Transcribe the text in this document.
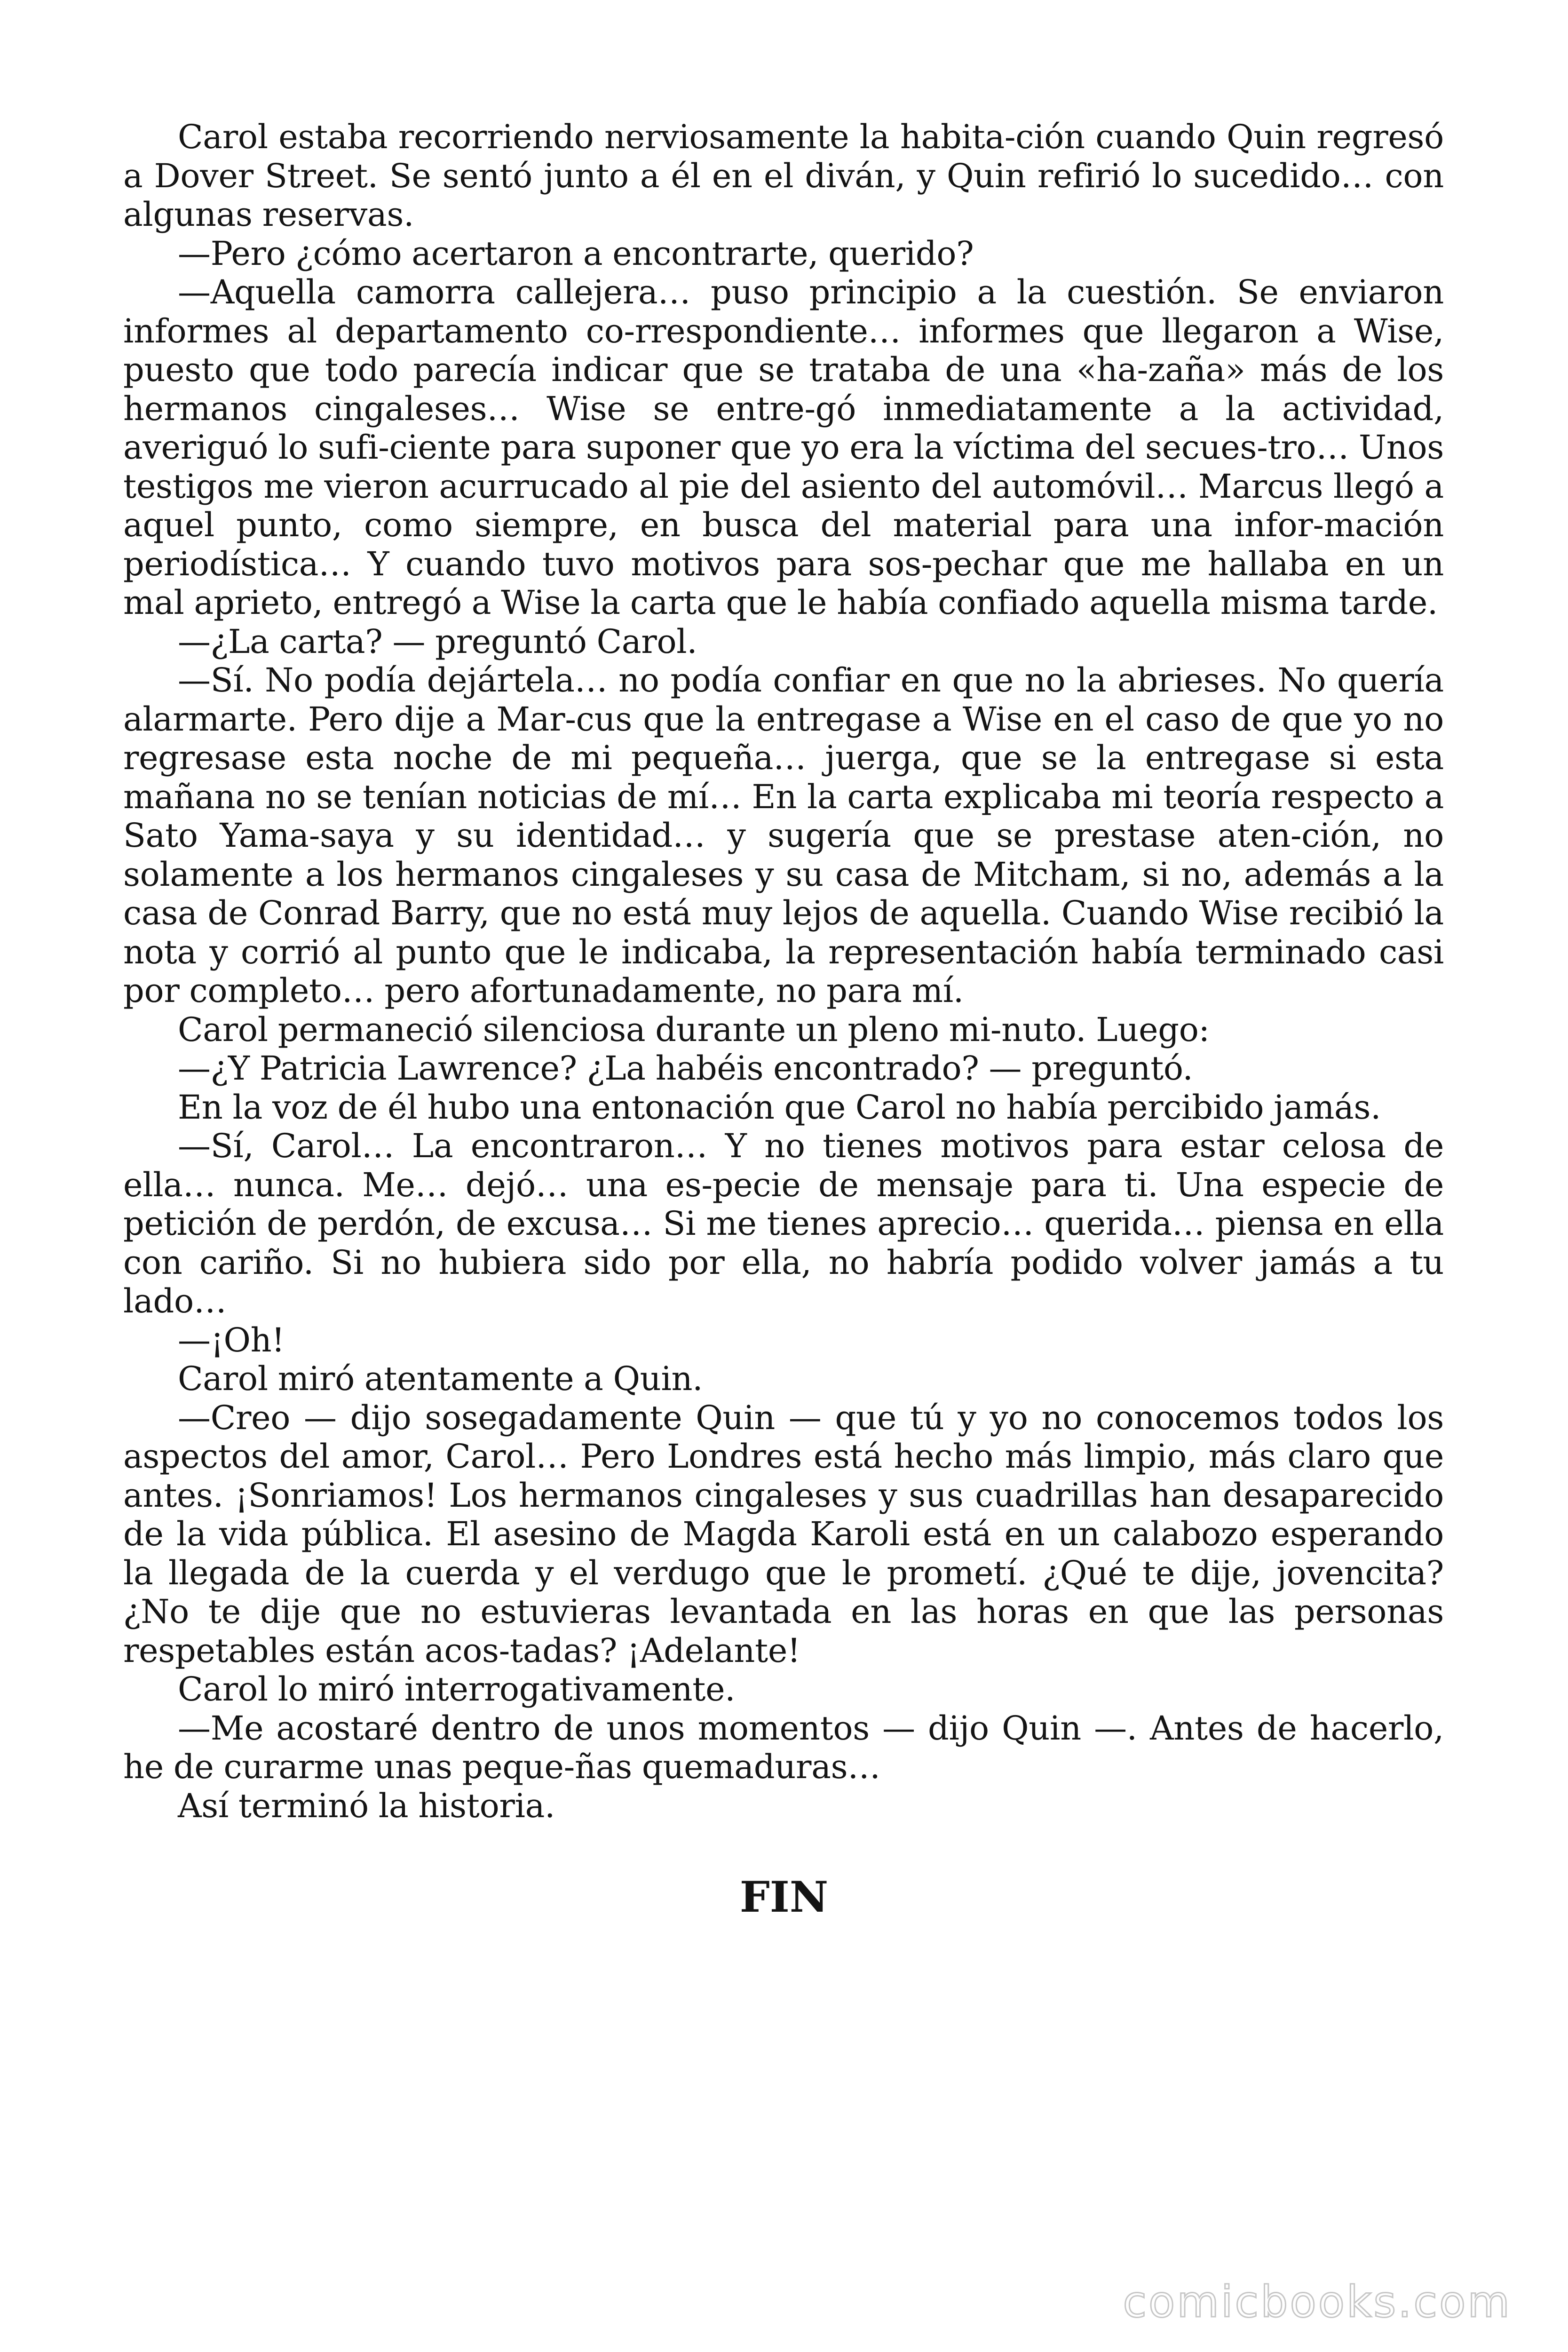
Carol estaba recorriendo nerviosamente la habita-ción cuando Quin regresó a Dover Street. Se sentó junto a él en el diván, y Quin refirió lo sucedido… con algunas reservas.

—Pero ¿cómo acertaron a encontrarte, querido?

—Aquella camorra callejera… puso principio a la cuestión. Se enviaron informes al departamento co-rrespondiente… informes que llegaron a Wise, puesto que todo parecía indicar que se trataba de una «ha-zaña» más de los hermanos cingaleses… Wise se entre-gó inmediatamente a la actividad, averiguó lo sufi-ciente para suponer que yo era la víctima del secues-tro… Unos testigos me vieron acurrucado al pie del asiento del automóvil… Marcus llegó a aquel punto, como siempre, en busca del material para una infor-mación periodística… Y cuando tuvo motivos para sos-pechar que me hallaba en un mal aprieto, entregó a Wise la carta que le había confiado aquella misma tarde.

—¿La carta? — preguntó Carol.

—Sí. No podía dejártela… no podía confiar en que no la abrieses. No quería alarmarte. Pero dije a Mar-cus que la entregase a Wise en el caso de que yo no regresase esta noche de mi pequeña… juerga, que se la entregase si esta mañana no se tenían noticias de mí… En la carta explicaba mi teoría respecto a Sato Yama-saya y su identidad… y sugería que se prestase aten-ción, no solamente a los hermanos cingaleses y su casa de Mitcham, si no, además a la casa de Conrad Barry, que no está muy lejos de aquella. Cuando Wise recibió la nota y corrió al punto que le indicaba, la representación había terminado casi por completo… pero afortunadamente, no para mí.

Carol permaneció silenciosa durante un pleno mi-nuto. Luego:

—¿Y Patricia Lawrence? ¿La habéis encontrado? — preguntó.

En la voz de él hubo una entonación que Carol no había percibido jamás.

—Sí, Carol… La encontraron… Y no tienes motivos para estar celosa de ella… nunca. Me… dejó… una es-pecie de mensaje para ti. Una especie de petición de perdón, de excusa… Si me tienes aprecio… querida… piensa en ella con cariño. Si no hubiera sido por ella, no habría podido volver jamás a tu lado…

—¡Oh!

Carol miró atentamente a Quin.

—Creo — dijo sosegadamente Quin — que tú y yo no conocemos todos los aspectos del amor, Carol… Pero Londres está hecho más limpio, más claro que antes. ¡Sonriamos! Los hermanos cingaleses y sus cuadrillas han desaparecido de la vida pública. El asesino de Magda Karoli está en un calabozo esperando la llegada de la cuerda y el verdugo que le prometí. ¿Qué te dije, jovencita? ¿No te dije que no estuvieras levantada en las horas en que las personas respetables están acos-tadas? ¡Adelante!

Carol lo miró interrogativamente.

—Me acostaré dentro de unos momentos — dijo Quin —. Antes de hacerlo, he de curarme unas peque-ñas quemaduras…

Así terminó la historia.

FIN
comicbooks.com
